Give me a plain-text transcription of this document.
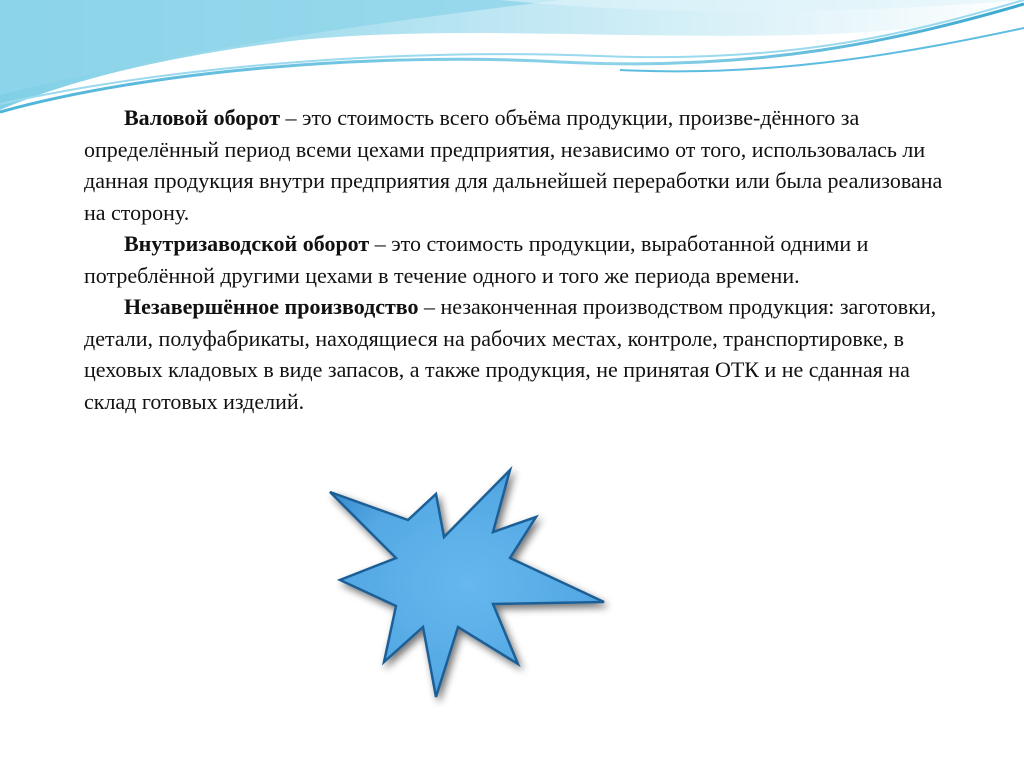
Валовой оборот – это стоимость всего объёма продукции, произве-дённого за определённый период всеми цехами предприятия, независимо от того, использовалась ли данная продукция внутри предприятия для дальнейшей переработки или была реализована на сторону.

Внутризаводской оборот – это стоимость продукции, выработанной одними и потреблённой другими цехами в течение одного и того же периода времени.

Незавершённое производство – незаконченная производством продукция: заготовки, детали, полуфабрикаты, находящиеся на рабочих местах, контроле, транспортировке, в цеховых кладовых в виде запасов, а также продукция, не принятая ОТК и не сданная на склад готовых изделий.
